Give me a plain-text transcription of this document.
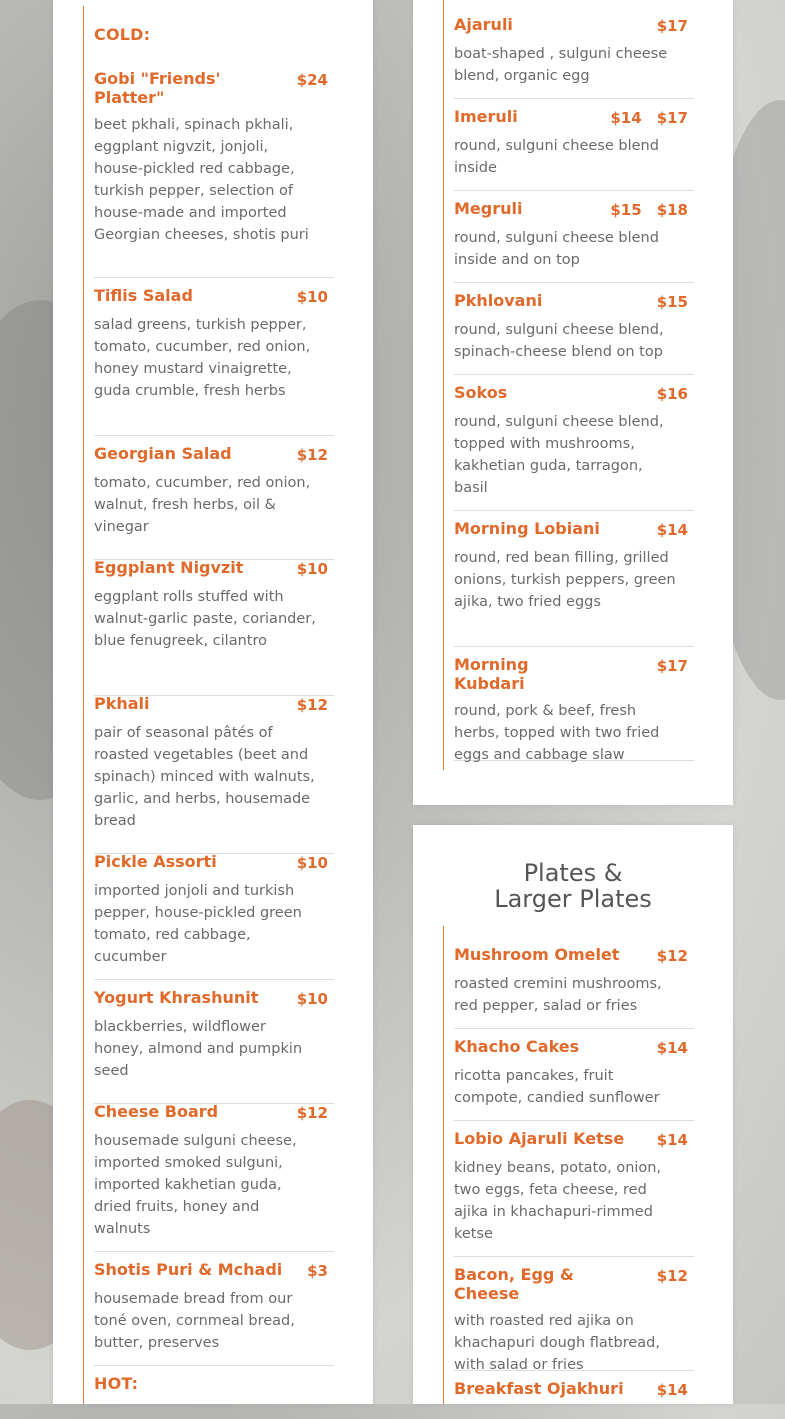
COLD:
Gobi "Friends' Platter"
$24
beet pkhali, spinach pkhali, eggplant nigvzit, jonjoli, house-pickled red cabbage, turkish pepper, selection of house-made and imported Georgian cheeses, shotis puri
Tiflis Salad	$10
salad greens, turkish pepper, tomato, cucumber, red onion, honey mustard vinaigrette, guda crumble, fresh herbs
Georgian Salad	$12
tomato, cucumber, red onion, walnut, fresh herbs, oil & vinegar
Eggplant Nigvzit	$10
eggplant rolls stuffed with walnut-garlic paste, coriander, blue fenugreek, cilantro
Pkhali	$12
pair of seasonal pâtés of roasted vegetables (beet and spinach) minced with walnuts, garlic, and herbs, housemade bread
Pickle Assorti	$10
imported jonjoli and turkish pepper, house-pickled green tomato, red cabbage, cucumber
Yogurt Khrashunit	$10
blackberries, wildflower honey, almond and pumpkin seed
Cheese Board	$12
housemade sulguni cheese, imported smoked sulguni, imported kakhetian guda, dried fruits, honey and walnuts
Shotis Puri & Mchadi $3
housemade bread from our toné oven, cornmeal bread, butter, preserves
HOT:
Ajaruli	$17
boat-shaped , sulguni cheese blend, organic egg
Imeruli	$14 $17
round, sulguni cheese blend inside
Megruli	$15 $18
round, sulguni cheese blend inside and on top
Pkhlovani	$15
round, sulguni cheese blend, spinach-cheese blend on top
Sokos	$16
round, sulguni cheese blend, topped with mushrooms, kakhetian guda, tarragon, basil
Morning Lobiani	$14
round, red bean filling, grilled onions, turkish peppers, green ajika, two fried eggs
Morning Kubdari
$17
round, pork & beef, fresh herbs, topped with two fried eggs and cabbage slaw
Plates & Larger Plates
Mushroom Omelet $12
roasted cremini mushrooms, red pepper, salad or fries
Khacho Cakes	$14
ricotta pancakes, fruit compote, candied sunflower
Lobio Ajaruli Ketse $14
kidney beans, potato, onion, two eggs, feta cheese, red ajika in khachapuri-rimmed ketse
Bacon, Egg & Cheese
$12
with roasted red ajika on khachapuri dough flatbread, with salad or fries
Breakfast Ojakhuri $14
